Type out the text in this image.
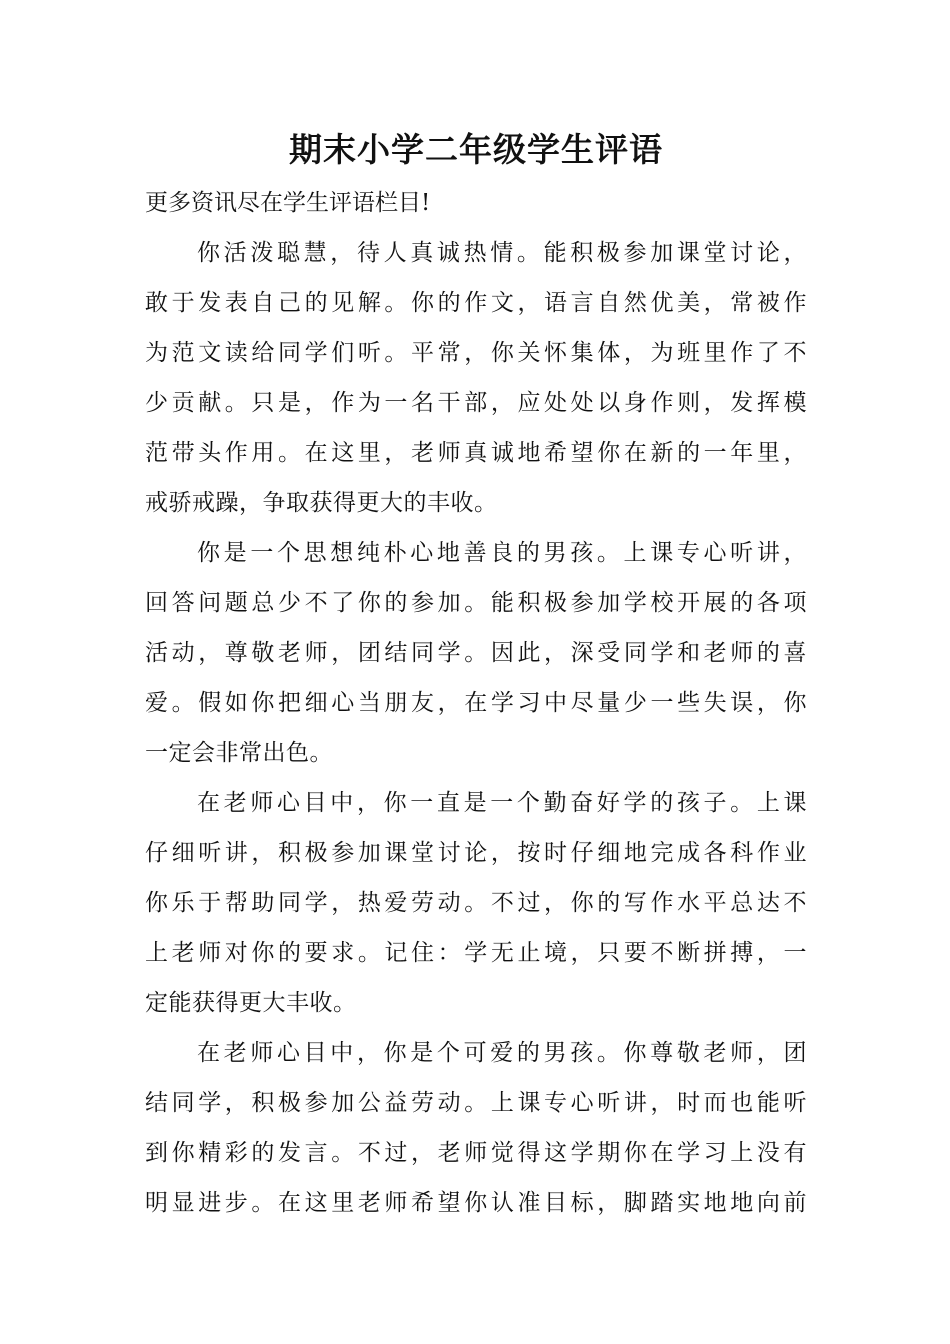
期末小学二年级学生评语

更多资讯尽在学生评语栏目!

你活泼聪慧，待人真诚热情。能积极参加课堂讨论，
敢于发表自己的见解。你的作文，语言自然优美，常被作
为范文读给同学们听。平常，你关怀集体，为班里作了不
少贡献。只是，作为一名干部，应处处以身作则，发挥模
范带头作用。在这里，老师真诚地希望你在新的一年里，
戒骄戒躁，争取获得更大的丰收。
你是一个思想纯朴心地善良的男孩。上课专心听讲，
回答问题总少不了你的参加。能积极参加学校开展的各项
活动，尊敬老师，团结同学。因此，深受同学和老师的喜
爱。假如你把细心当朋友，在学习中尽量少一些失误，你
一定会非常出色。
在老师心目中，你一直是一个勤奋好学的孩子。上课
仔细听讲，积极参加课堂讨论，按时仔细地完成各科作业
你乐于帮助同学，热爱劳动。不过，你的写作水平总达不
上老师对你的要求。记住：学无止境，只要不断拼搏，一
定能获得更大丰收。
在老师心目中，你是个可爱的男孩。你尊敬老师，团
结同学，积极参加公益劳动。上课专心听讲，时而也能听
到你精彩的发言。不过，老师觉得这学期你在学习上没有
明显进步。在这里老师希望你认准目标，脚踏实地地向前
